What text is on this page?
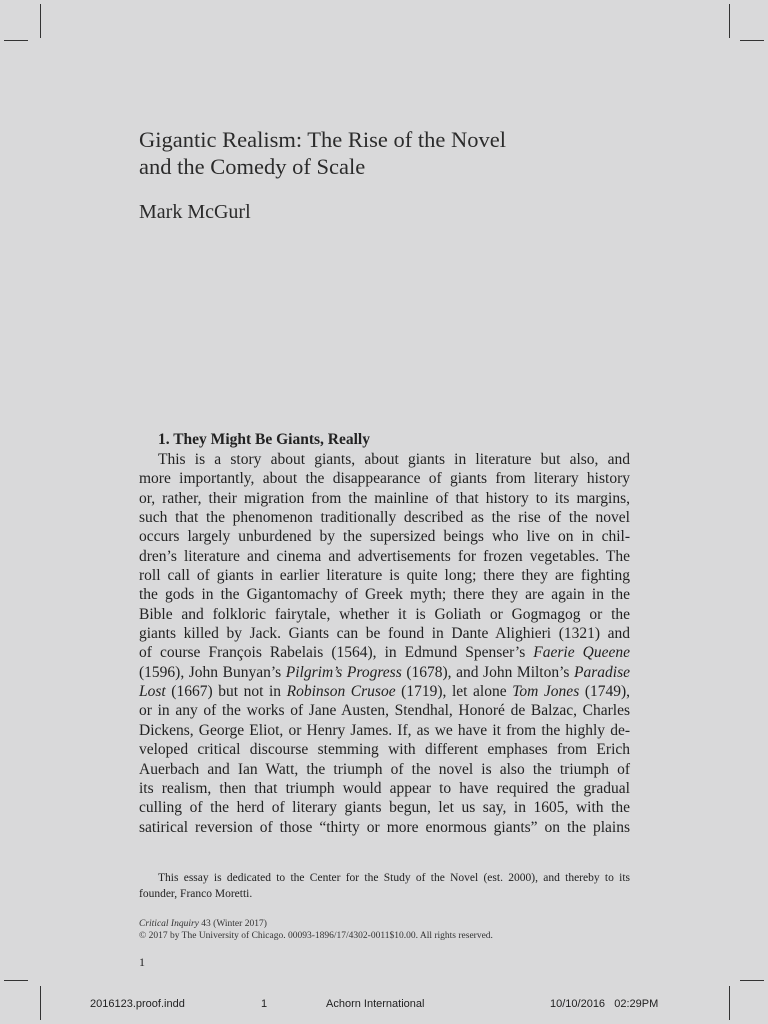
Gigantic Realism: The Rise of the Novel
and the Comedy of Scale
Mark McGurl
1. They Might Be Giants, Really
This is a story about giants, about giants in literature but also, and
more importantly, about the disappearance of giants from literary history
or, rather, their migration from the mainline of that history to its margins,
such that the phenomenon traditionally described as the rise of the novel
occurs largely unburdened by the supersized beings who live on in chil-
dren’s literature and cinema and advertisements for frozen vegetables. The
roll call of giants in earlier literature is quite long; there they are fighting
the gods in the Gigantomachy of Greek myth; there they are again in the
Bible and folkloric fairytale, whether it is Goliath or Gogmagog or the
giants killed by Jack. Giants can be found in Dante Alighieri (1321) and
of course François Rabelais (1564), in Edmund Spenser’s Faerie Queene
(1596), John Bunyan’s Pilgrim’s Progress (1678), and John Milton’s Paradise
Lost (1667) but not in Robinson Crusoe (1719), let alone Tom Jones (1749),
or in any of the works of Jane Austen, Stendhal, Honoré de Balzac, Charles
Dickens, George Eliot, or Henry James. If, as we have it from the highly de-
veloped critical discourse stemming with different emphases from Erich
Auerbach and Ian Watt, the triumph of the novel is also the triumph of
its realism, then that triumph would appear to have required the gradual
culling of the herd of literary giants begun, let us say, in 1605, with the
satirical reversion of those “thirty or more enormous giants” on the plains
This essay is dedicated to the Center for the Study of the Novel (est. 2000), and thereby to its
founder, Franco Moretti.
Critical Inquiry 43 (Winter 2017)
© 2017 by The University of Chicago. 00093-1896/17/4302-0011$10.00. All rights reserved.
1
2016123.proof.indd	1	Achorn International	10/10/2016   02:29PM
